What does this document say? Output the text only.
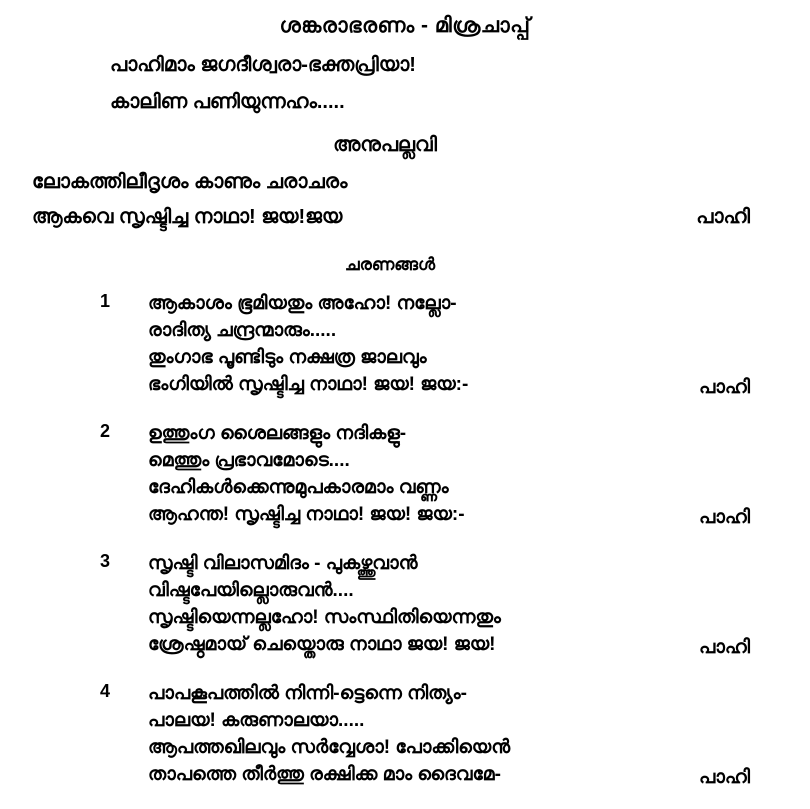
ശങ്കരാഭരണം - മിശ്രചാപ്പ്
പാഹിമാം ജഗദീശ്വരാ-ഭക്തപ്രിയാ!
കാലിണ പണിയുന്നഹം.....
അനുപല്ലവി
ലോകത്തിലീദൃശം കാണും ചരാചരം
ആകവെ സൃഷ്ടിച്ച നാഥാ! ജയ!ജയ	പാഹി
ചരണങ്ങൾ
1 ആകാശം ഭൂമിയതും അഹോ! നല്ലോ-
രാദിത്യ ചന്ദ്രന്മാരും.....
തുംഗാഭ പൂണ്ടിടും നക്ഷത്ര ജാലവും
ഭംഗിയിൽ സൃഷ്ടിച്ച നാഥാ! ജയ! ജയ:-	പാഹി
2 ഉത്തുംഗ ശൈലങ്ങളും നദികളു-
മെത്തും പ്രഭാവമോടെ....
ദേഹികൾക്കെന്നുമുപകാരമാം വണ്ണം
ആഹന്ത! സൃഷ്ടിച്ച നാഥാ! ജയ! ജയ:-	പാഹി
3 സൃഷ്ടി വിലാസമിദം - പുകഴ്ത്തുവാൻ
വിഷ്ടപേയില്ലൊരുവൻ....
സൃഷ്ടിയെന്നല്ലഹോ! സംസ്ഥിതിയെന്നതും
ശ്രേഷ്ഠമായ് ചെയ്തൊരു നാഥാ ജയ! ജയ!	പാഹി
4 പാപകൂപത്തിൽ നിന്നി-ട്ടെന്നെ നിത്യം-
പാലയ! കരുണാലയാ.....
ആപത്തഖിലവും സർവ്വേശാ! പോക്കിയെൻ
താപത്തെ തീർത്തു രക്ഷിക്ക മാം ദൈവമേ-	പാഹി
